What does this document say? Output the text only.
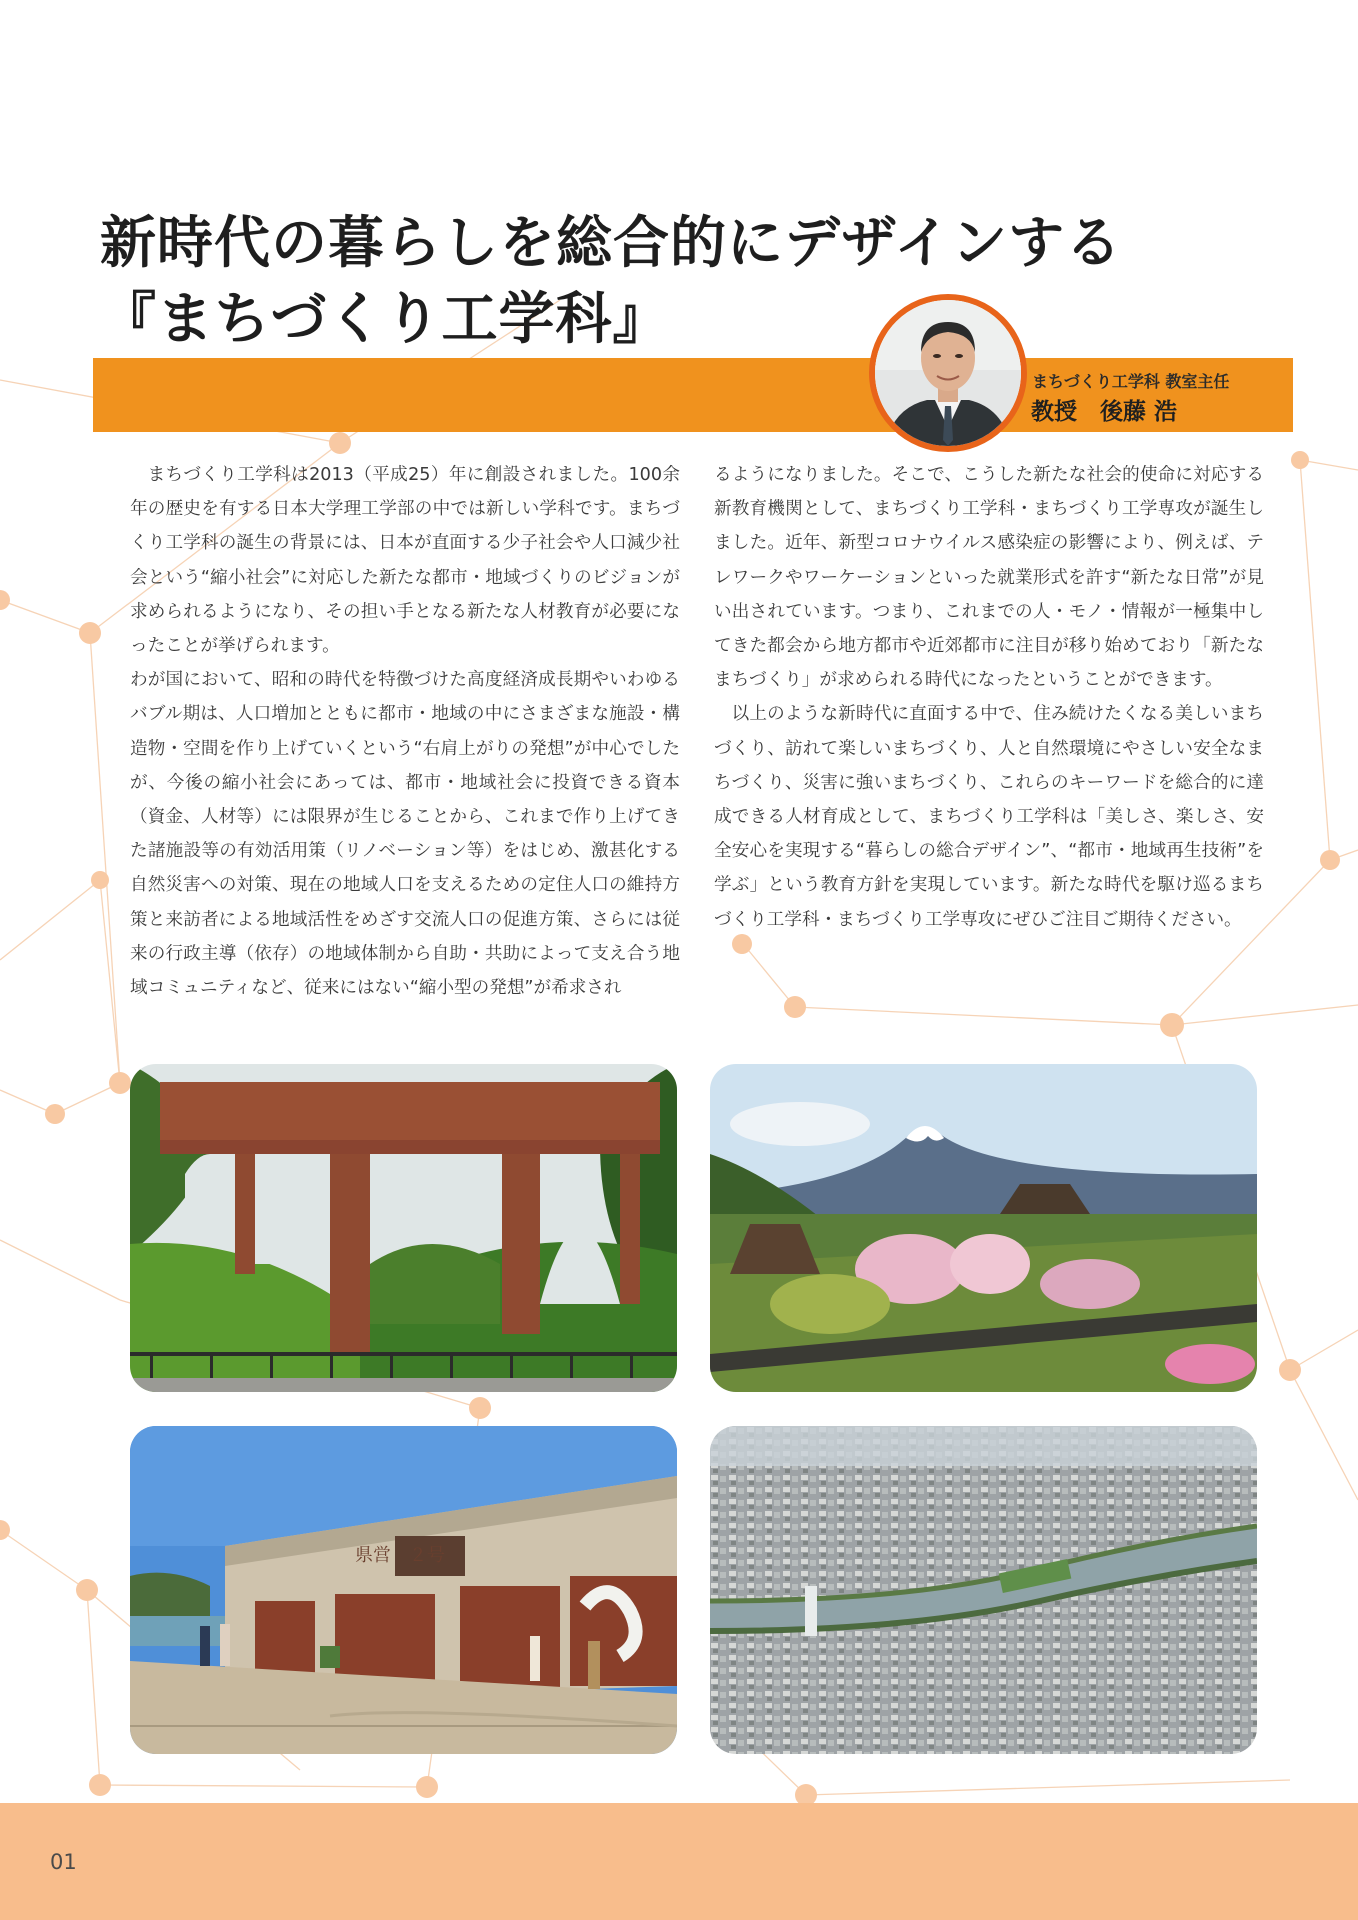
新時代の暮らしを総合的にデザインする
『まちづくり工学科』
まちづくり工学科 教室主任
教授　後藤 浩

まちづくり工学科は2013（平成25）年に創設されました。100余年の歴史を有する日本大学理工学部の中では新しい学科です。まちづくり工学科の誕生の背景には、日本が直面する少子社会や人口減少社会という“縮小社会”に対応した新たな都市・地域づくりのビジョンが求められるようになり、その担い手となる新たな人材教育が必要になったことが挙げられます。

わが国において、昭和の時代を特徴づけた高度経済成長期やいわゆるバブル期は、人口増加とともに都市・地域の中にさまざまな施設・構造物・空間を作り上げていくという“右肩上がりの発想”が中心でしたが、今後の縮小社会にあっては、都市・地域社会に投資できる資本（資金、人材等）には限界が生じることから、これまで作り上げてきた諸施設等の有効活用策（リノベーション等）をはじめ、激甚化する自然災害への対策、現在の地域人口を支えるための定住人口の維持方策と来訪者による地域活性をめざす交流人口の促進方策、さらには従来の行政主導（依存）の地域体制から自助・共助によって支え合う地域コミュニティなど、従来にはない“縮小型の発想”が希求され

るようになりました。そこで、こうした新たな社会的使命に対応する新教育機関として、まちづくり工学科・まちづくり工学専攻が誕生しました。近年、新型コロナウイルス感染症の影響により、例えば、テレワークやワーケーションといった就業形式を許す“新たな日常”が見い出されています。つまり、これまでの人・モノ・情報が一極集中してきた都会から地方都市や近郊都市に注目が移り始めており「新たなまちづくり」が求められる時代になったということができます。

以上のような新時代に直面する中で、住み続けたくなる美しいまちづくり、訪れて楽しいまちづくり、人と自然環境にやさしい安全なまちづくり、災害に強いまちづくり、これらのキーワードを総合的に達成できる人材育成として、まちづくり工学科は「美しさ、楽しさ、安全安心を実現する“暮らしの総合デザイン”、“都市・地域再生技術”を学ぶ」という教育方針を実現しています。新たな時代を駆け巡るまちづくり工学科・まちづくり工学専攻にぜひご注目ご期待ください。

県営　２号
01
